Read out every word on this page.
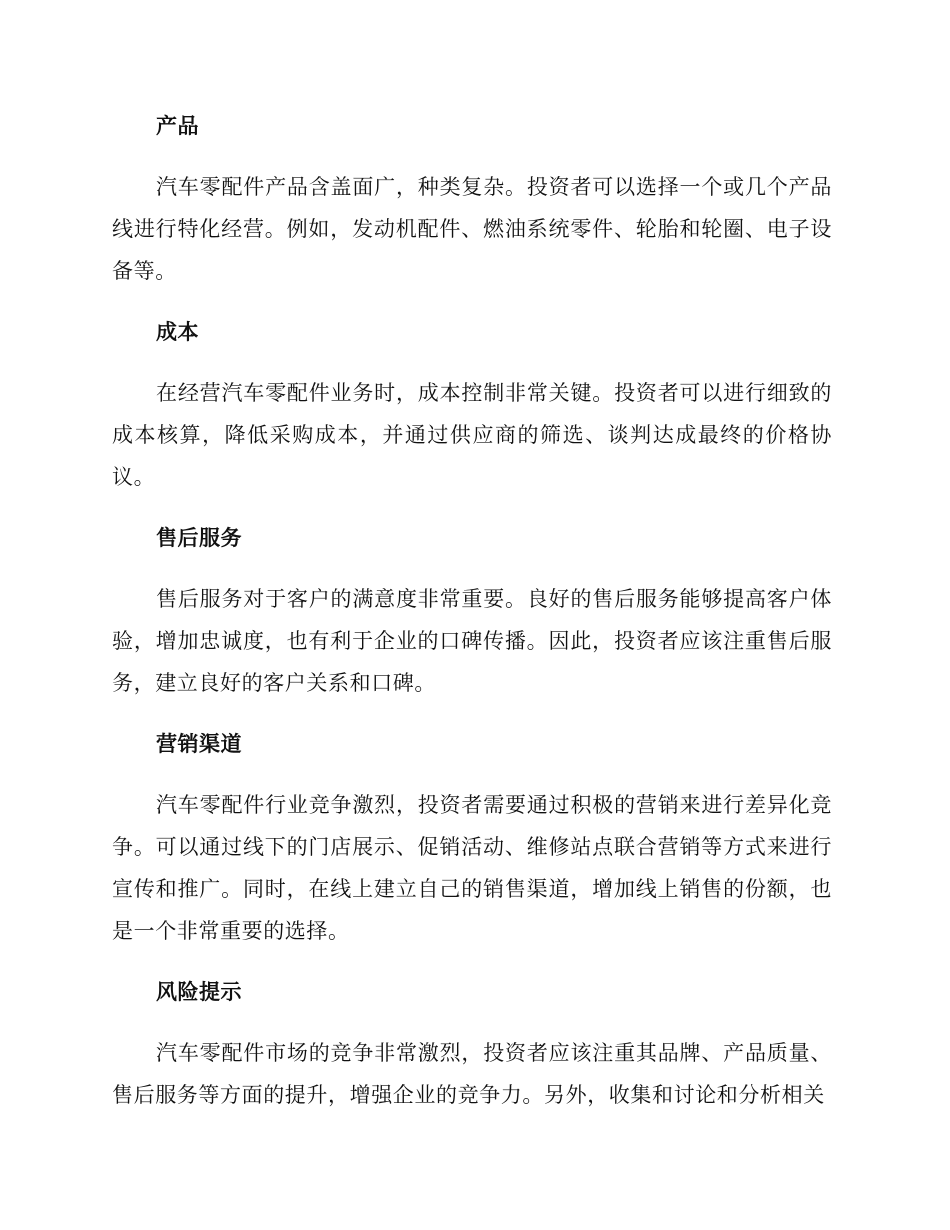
产品

汽车零配件产品含盖面广，种类复杂。投资者可以选择一个或几个产品线进行特化经营。例如，发动机配件、燃油系统零件、轮胎和轮圈、电子设备等。

成本

在经营汽车零配件业务时，成本控制非常关键。投资者可以进行细致的成本核算，降低采购成本，并通过供应商的筛选、谈判达成最终的价格协议。

售后服务

售后服务对于客户的满意度非常重要。良好的售后服务能够提高客户体验，增加忠诚度，也有利于企业的口碑传播。因此，投资者应该注重售后服务，建立良好的客户关系和口碑。

营销渠道

汽车零配件行业竞争激烈，投资者需要通过积极的营销来进行差异化竞争。可以通过线下的门店展示、促销活动、维修站点联合营销等方式来进行宣传和推广。同时，在线上建立自己的销售渠道，增加线上销售的份额，也是一个非常重要的选择。

风险提示

汽车零配件市场的竞争非常激烈，投资者应该注重其品牌、产品质量、售后服务等方面的提升，增强企业的竞争力。另外，收集和讨论和分析相关
